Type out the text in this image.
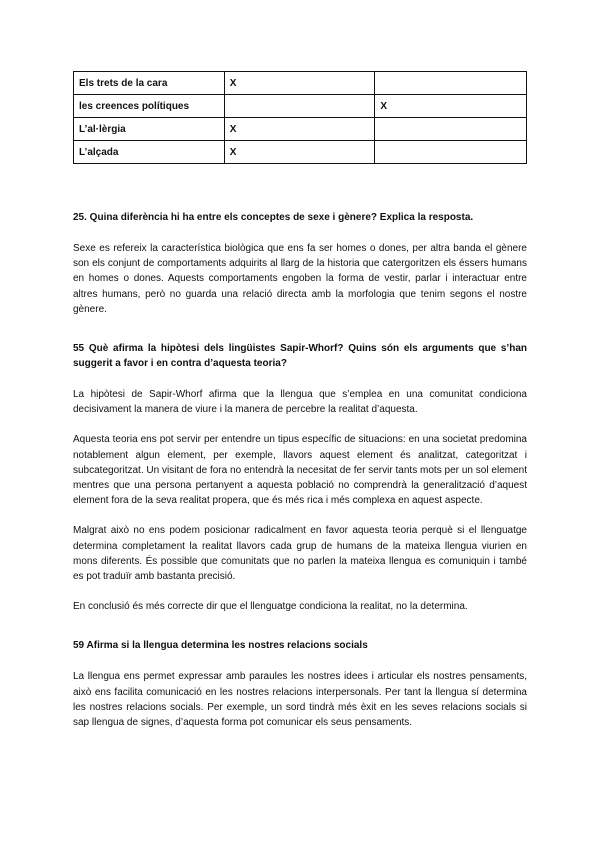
Els trets de la cara	X	
les creences polítiques		X
L’al·lèrgia	X	
L’alçada	X	
25. Quina diferència hi ha entre els conceptes de sexe i gènere? Explica la resposta.

Sexe es refereix la característica biològica que ens fa ser homes o dones, per altra banda el gènere son els conjunt de comportaments adquirits al llarg de la historia que catergoritzen els éssers humans en homes o dones. Aquests comportaments engoben la forma de vestir, parlar i interactuar entre altres humans, però no guarda una relació directa amb la morfologia que tenim segons el nostre gènere.

55 Què afirma la hipòtesi dels lingüistes Sapir-Whorf? Quins són els arguments que s’han suggerit a favor i en contra d’aquesta teoria?

La hipòtesi de Sapir-Whorf afirma que la llengua que s’emplea en una comunitat condiciona decisivament la manera de viure i la manera de percebre la realitat d’aquesta.

Aquesta teoria ens pot servir per entendre un tipus específic de situacions: en una societat predomina notablement algun element, per exemple, llavors aquest element és analitzat, categoritzat i subcategoritzat. Un visitant de fora no entendrà la necesitat de fer servir tants mots per un sol element mentres que una persona pertanyent a aquesta població no comprendrà la generalització d’aquest element fora de la seva realitat propera, que és més rica i més complexa en aquest aspecte.

Malgrat això no ens podem posicionar radicalment en favor aquesta teoria perquè si el llenguatge determina completament la realitat llavors cada grup de humans de la mateixa llengua viurien en mons diferents. És possible que comunitats que no parlen la mateixa llengua es comuniquin i també es pot traduïr amb bastanta precisió.

En conclusió és més correcte dir que el llenguatge condiciona la realitat, no la determina.

59 Afirma si la llengua determina les nostres relacions socials

La llengua ens permet expressar amb paraules les nostres idees i articular els nostres pensaments, això ens facilita comunicació en les nostres relacions interpersonals. Per tant la llengua sí determina les nostres relacions socials. Per exemple, un sord tindrà més èxit en les seves relacions socials si sap llengua de signes, d’aquesta forma pot comunicar els seus pensaments.
